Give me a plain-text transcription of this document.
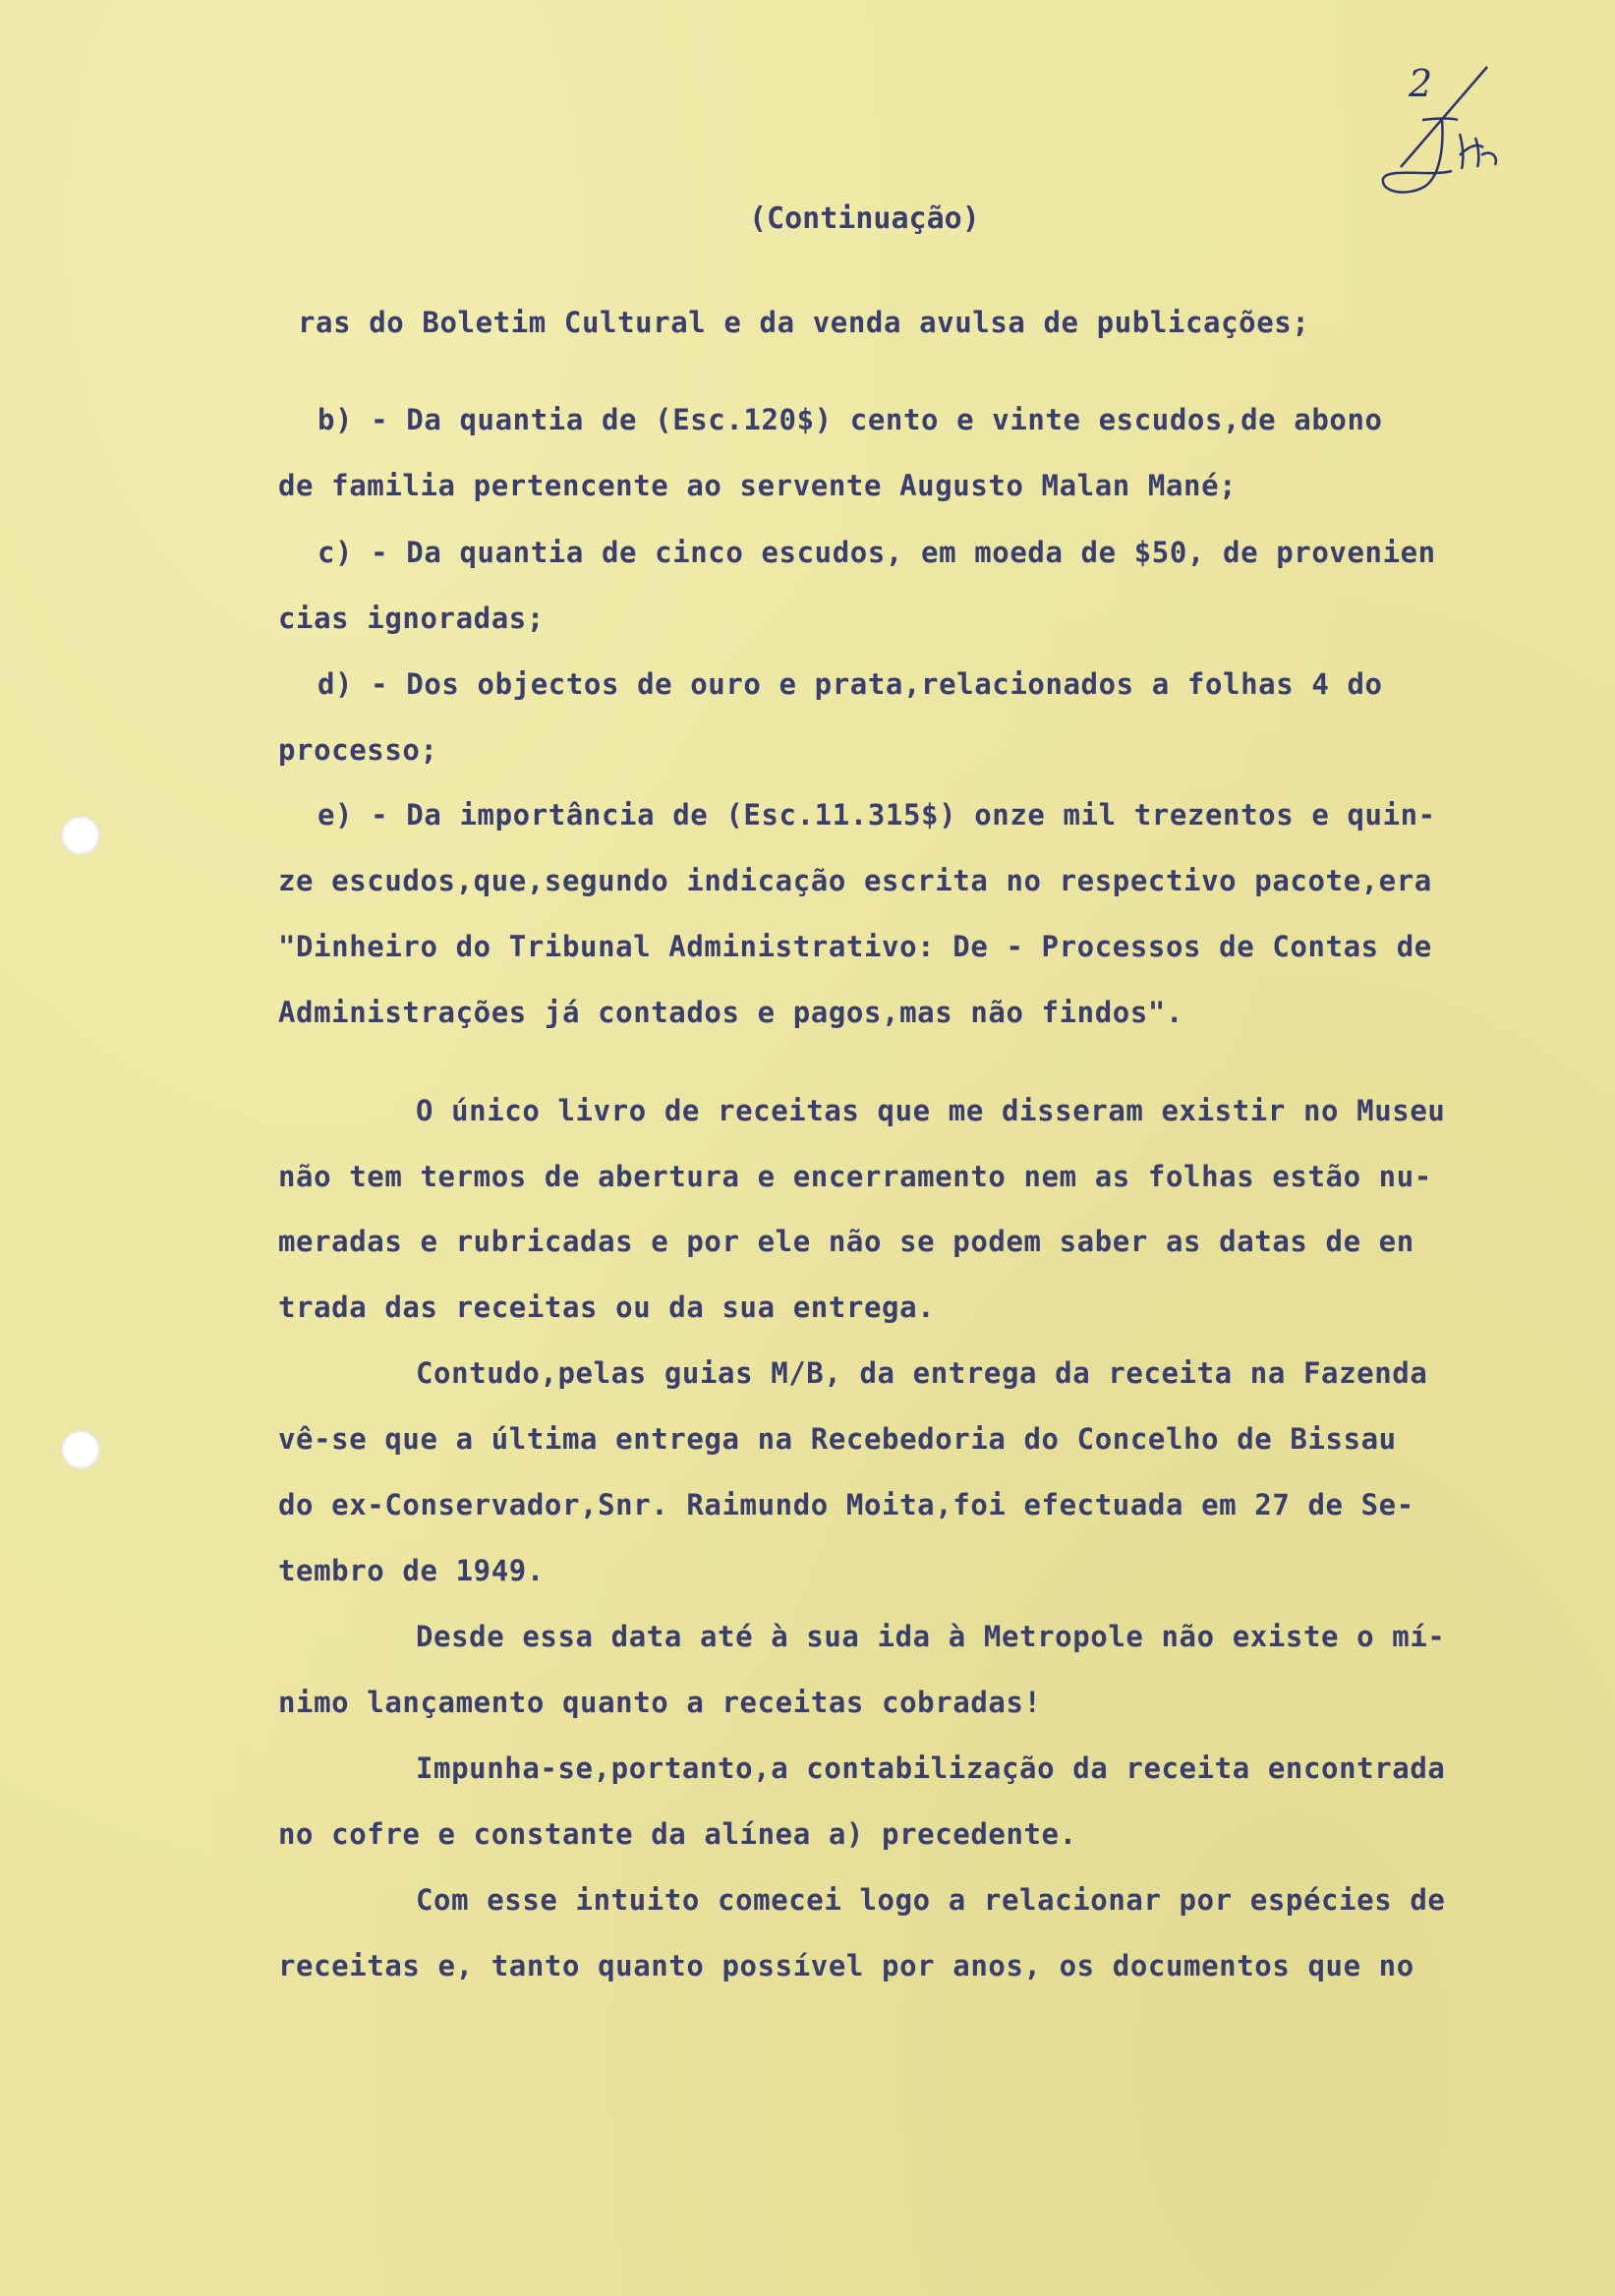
2
(Continuação)
ras do Boletim Cultural e da venda avulsa de publicações;
b) - Da quantia de (Esc.120$) cento e vinte escudos,de abono
de familia pertencente ao servente Augusto Malan Mané;
c) - Da quantia de cinco escudos, em moeda de $50, de provenien
cias ignoradas;
d) - Dos objectos de ouro e prata,relacionados a folhas 4 do
processo;
e) - Da importância de (Esc.11.315$) onze mil trezentos e quin-
ze escudos,que,segundo indicação escrita no respectivo pacote,era
"Dinheiro do Tribunal Administrativo: De - Processos de Contas de
Administrações já contados e pagos,mas não findos".
O único livro de receitas que me disseram existir no Museu
não tem termos de abertura e encerramento nem as folhas estão nu-
meradas e rubricadas e por ele não se podem saber as datas de en
trada das receitas ou da sua entrega.
Contudo,pelas guias M/B, da entrega da receita na Fazenda
vê-se que a última entrega na Recebedoria do Concelho de Bissau
do ex-Conservador,Snr. Raimundo Moita,foi efectuada em 27 de Se-
tembro de 1949.
Desde essa data até à sua ida à Metropole não existe o mí-
nimo lançamento quanto a receitas cobradas!
Impunha-se,portanto,a contabilização da receita encontrada
no cofre e constante da alínea a) precedente.
Com esse intuito comecei logo a relacionar por espécies de
receitas e, tanto quanto possível por anos, os documentos que no
